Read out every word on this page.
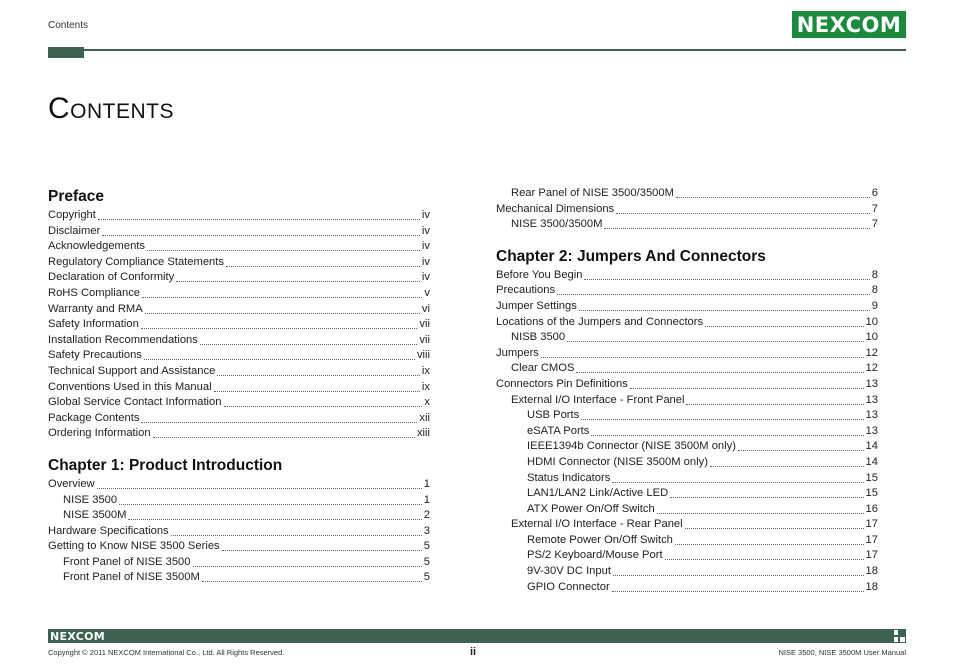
Contents	NEXCOM
Contents
Preface
Copyright	iv
Disclaimer	iv
Acknowledgements	iv
Regulatory Compliance Statements	iv
Declaration of Conformity	iv
RoHS Compliance	v
Warranty and RMA	vi
Safety Information	vii
Installation Recommendations	vii
Safety Precautions	viii
Technical Support and Assistance	ix
Conventions Used in this Manual	ix
Global Service Contact Information	x
Package Contents	xii
Ordering Information	xiii
Chapter 1: Product Introduction
Overview	1
NISE 3500	1
NISE 3500M	2
Hardware Specifications	3
Getting to Know NISE 3500 Series	5
Front Panel of NISE 3500	5
Front Panel of NISE 3500M	5
Rear Panel of NISE 3500/3500M	6
Mechanical Dimensions	7
NISE 3500/3500M	7
Chapter 2: Jumpers And Connectors
Before You Begin	8
Precautions	8
Jumper Settings	9
Locations of the Jumpers and Connectors	10
NISB 3500	10
Jumpers	12
Clear CMOS	12
Connectors Pin Definitions	13
External I/O Interface - Front Panel	13
USB Ports	13
eSATA Ports	13
IEEE1394b Connector (NISE 3500M only)	14
HDMI Connector (NISE 3500M only)	14
Status Indicators	15
LAN1/LAN2 Link/Active LED	15
ATX Power On/Off Switch	16
External I/O Interface - Rear Panel	17
Remote Power On/Off Switch	17
PS/2 Keyboard/Mouse Port	17
9V-30V DC Input	18
GPIO Connector	18
NEXCOM
Copyright © 2011 NEXCOM International Co., Ltd. All Rights Reserved.	ii	NISE 3500, NISE 3500M User Manual
